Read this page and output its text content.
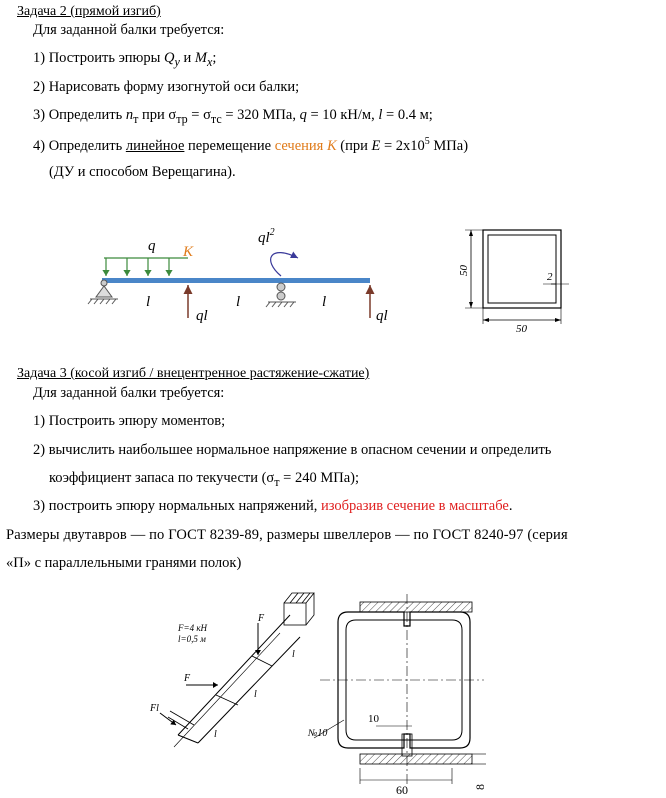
Задача 2 (прямой изгиб)
Для заданной балки требуется:
1) Построить эпюры $Q_y$ и $M_x$;
2) Нарисовать форму изогнутой оси балки;
3) Определить $n_т$ при $\sigma_{тр} = \sigma_{тс} = 320$ МПа, q = 10 кН/м, l = 0.4 м;
4) Определить линейное перемещение сечения K (при $E = 2x10^5$ МПа)
(ДУ и способом Верещагина).
q K
$ql^2$
l	l	l
ql	ql
50
50
2
Задача 3 (косой изгиб / внецентренное растяжение-сжатие)
Для заданной балки требуется:
1) Построить эпюру моментов;
2) вычислить наибольшее нормальное напряжение в опасном сечении и определить
коэффициент запаса по текучести ($\sigma_т = 240$ МПа);
3) построить эпюру нормальных напряжений, изобразив сечение в масштабе.
Размеры двутавров — по ГОСТ 8239-89, размеры швеллеров — по ГОСТ 8240-97 (серия
«П» с параллельными гранями полок)
F=4 кН
l=0,5 м
F
F
Fl
l
l
l
10
№10
60	8
